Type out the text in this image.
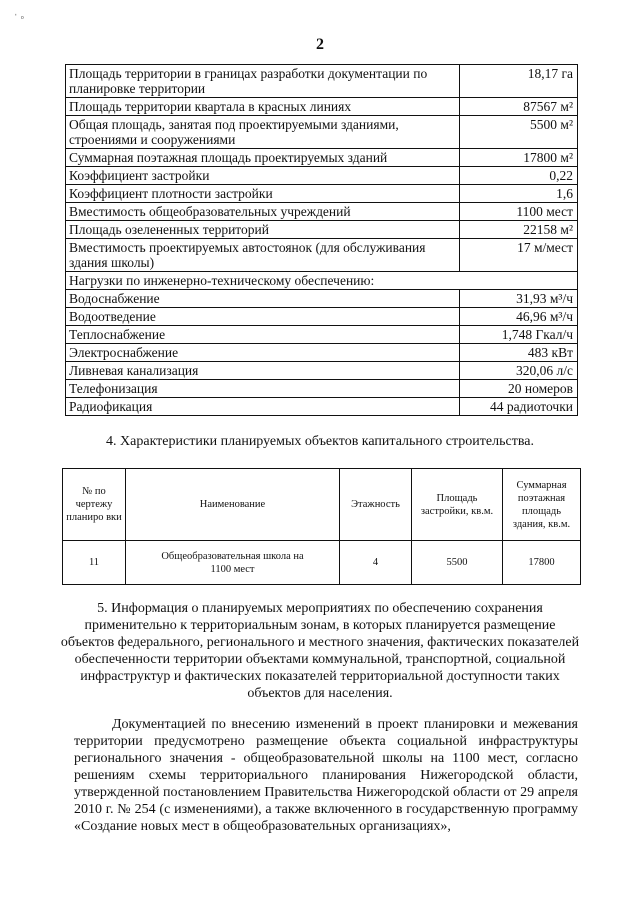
ˈ ◦
2
Площадь территории в границах разработки документации по планировке территории	18,17 га
Площадь территории квартала в красных линиях	87567 м²
Общая площадь, занятая под проектируемыми зданиями, строениями и сооружениями	5500 м²
Суммарная поэтажная площадь проектируемых зданий	17800 м²
Коэффициент застройки	0,22
Коэффициент плотности застройки	1,6
Вместимость общеобразовательных учреждений	1100 мест
Площадь озелененных территорий	22158 м²
Вместимость проектируемых автостоянок (для обслуживания здания школы)	17 м/мест
Нагрузки по инженерно-техническому обеспечению:	
Водоснабжение	31,93 м³/ч
Водоотведение	46,96 м³/ч
Теплоснабжение	1,748 Гкал/ч
Электроснабжение	483 кВт
Ливневая канализация	320,06 л/с
Телефонизация	20 номеров
Радиофикация	44 радиоточки
4. Характеристики планируемых объектов капитального строительства.
№ по чертежу планиро вки	Наименование	Этажность	Площадь застройки, кв.м.	Суммарная поэтажная площадь здания, кв.м.
11	Общеобразовательная школа на 1100 мест	4	5500	17800
5. Информация о планируемых мероприятиях по обеспечению сохранения применительно к территориальным зонам, в которых планируется размещение объектов федерального, регионального и местного значения, фактических показателей обеспеченности территории объектами коммунальной, транспортной, социальной инфраструктур и фактических показателей территориальной доступности таких объектов для населения.
Документацией по внесению изменений в проект планировки и межевания территории предусмотрено размещение объекта социальной инфраструктуры регионального значения - общеобразовательной школы на 1100 мест, согласно решениям схемы территориального планирования Нижегородской области, утвержденной постановлением Правительства Нижегородской области от 29 апреля 2010 г. № 254 (с изменениями), а также включенного в государственную программу «Создание новых мест в общеобразовательных организациях»,
